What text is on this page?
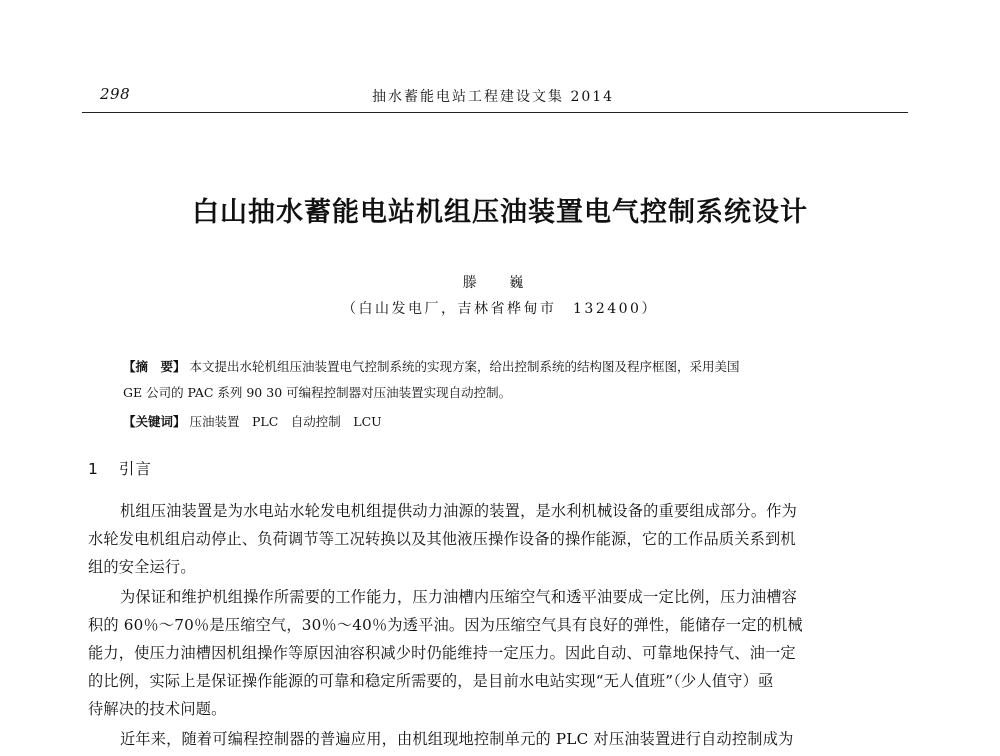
298	抽水蓄能电站工程建设文集 2014
白山抽水蓄能电站机组压油装置电气控制系统设计
滕 巍
（白山发电厂，吉林省桦甸市　132400）
【摘　要】 本文提出水轮机组压油装置电气控制系统的实现方案，给出控制系统的结构图及程序框图，采用美国
GE 公司的 PAC 系列 90 30 可编程控制器对压油装置实现自动控制。
【关键词】 压油装置　PLC　自动控制　LCU
1 引言
机组压油装置是为水电站水轮发电机组提供动力油源的装置，是水利机械设备的重要组成部分。作为
水轮发电机组启动停止、负荷调节等工况转换以及其他液压操作设备的操作能源，它的工作品质关系到机
组的安全运行。
为保证和维护机组操作所需要的工作能力，压力油槽内压缩空气和透平油要成一定比例，压力油槽容
积的 60％～70％是压缩空气，30％～40％为透平油。因为压缩空气具有良好的弹性，能储存一定的机械
能力，使压力油槽因机组操作等原因油容积减少时仍能维持一定压力。因此自动、可靠地保持气、油一定
的比例，实际上是保证操作能源的可靠和稳定所需要的，是目前水电站实现“无人值班”（少人值守）亟
待解决的技术问题。
近年来，随着可编程控制器的普遍应用，由机组现地控制单元的 PLC 对压油装置进行自动控制成为
